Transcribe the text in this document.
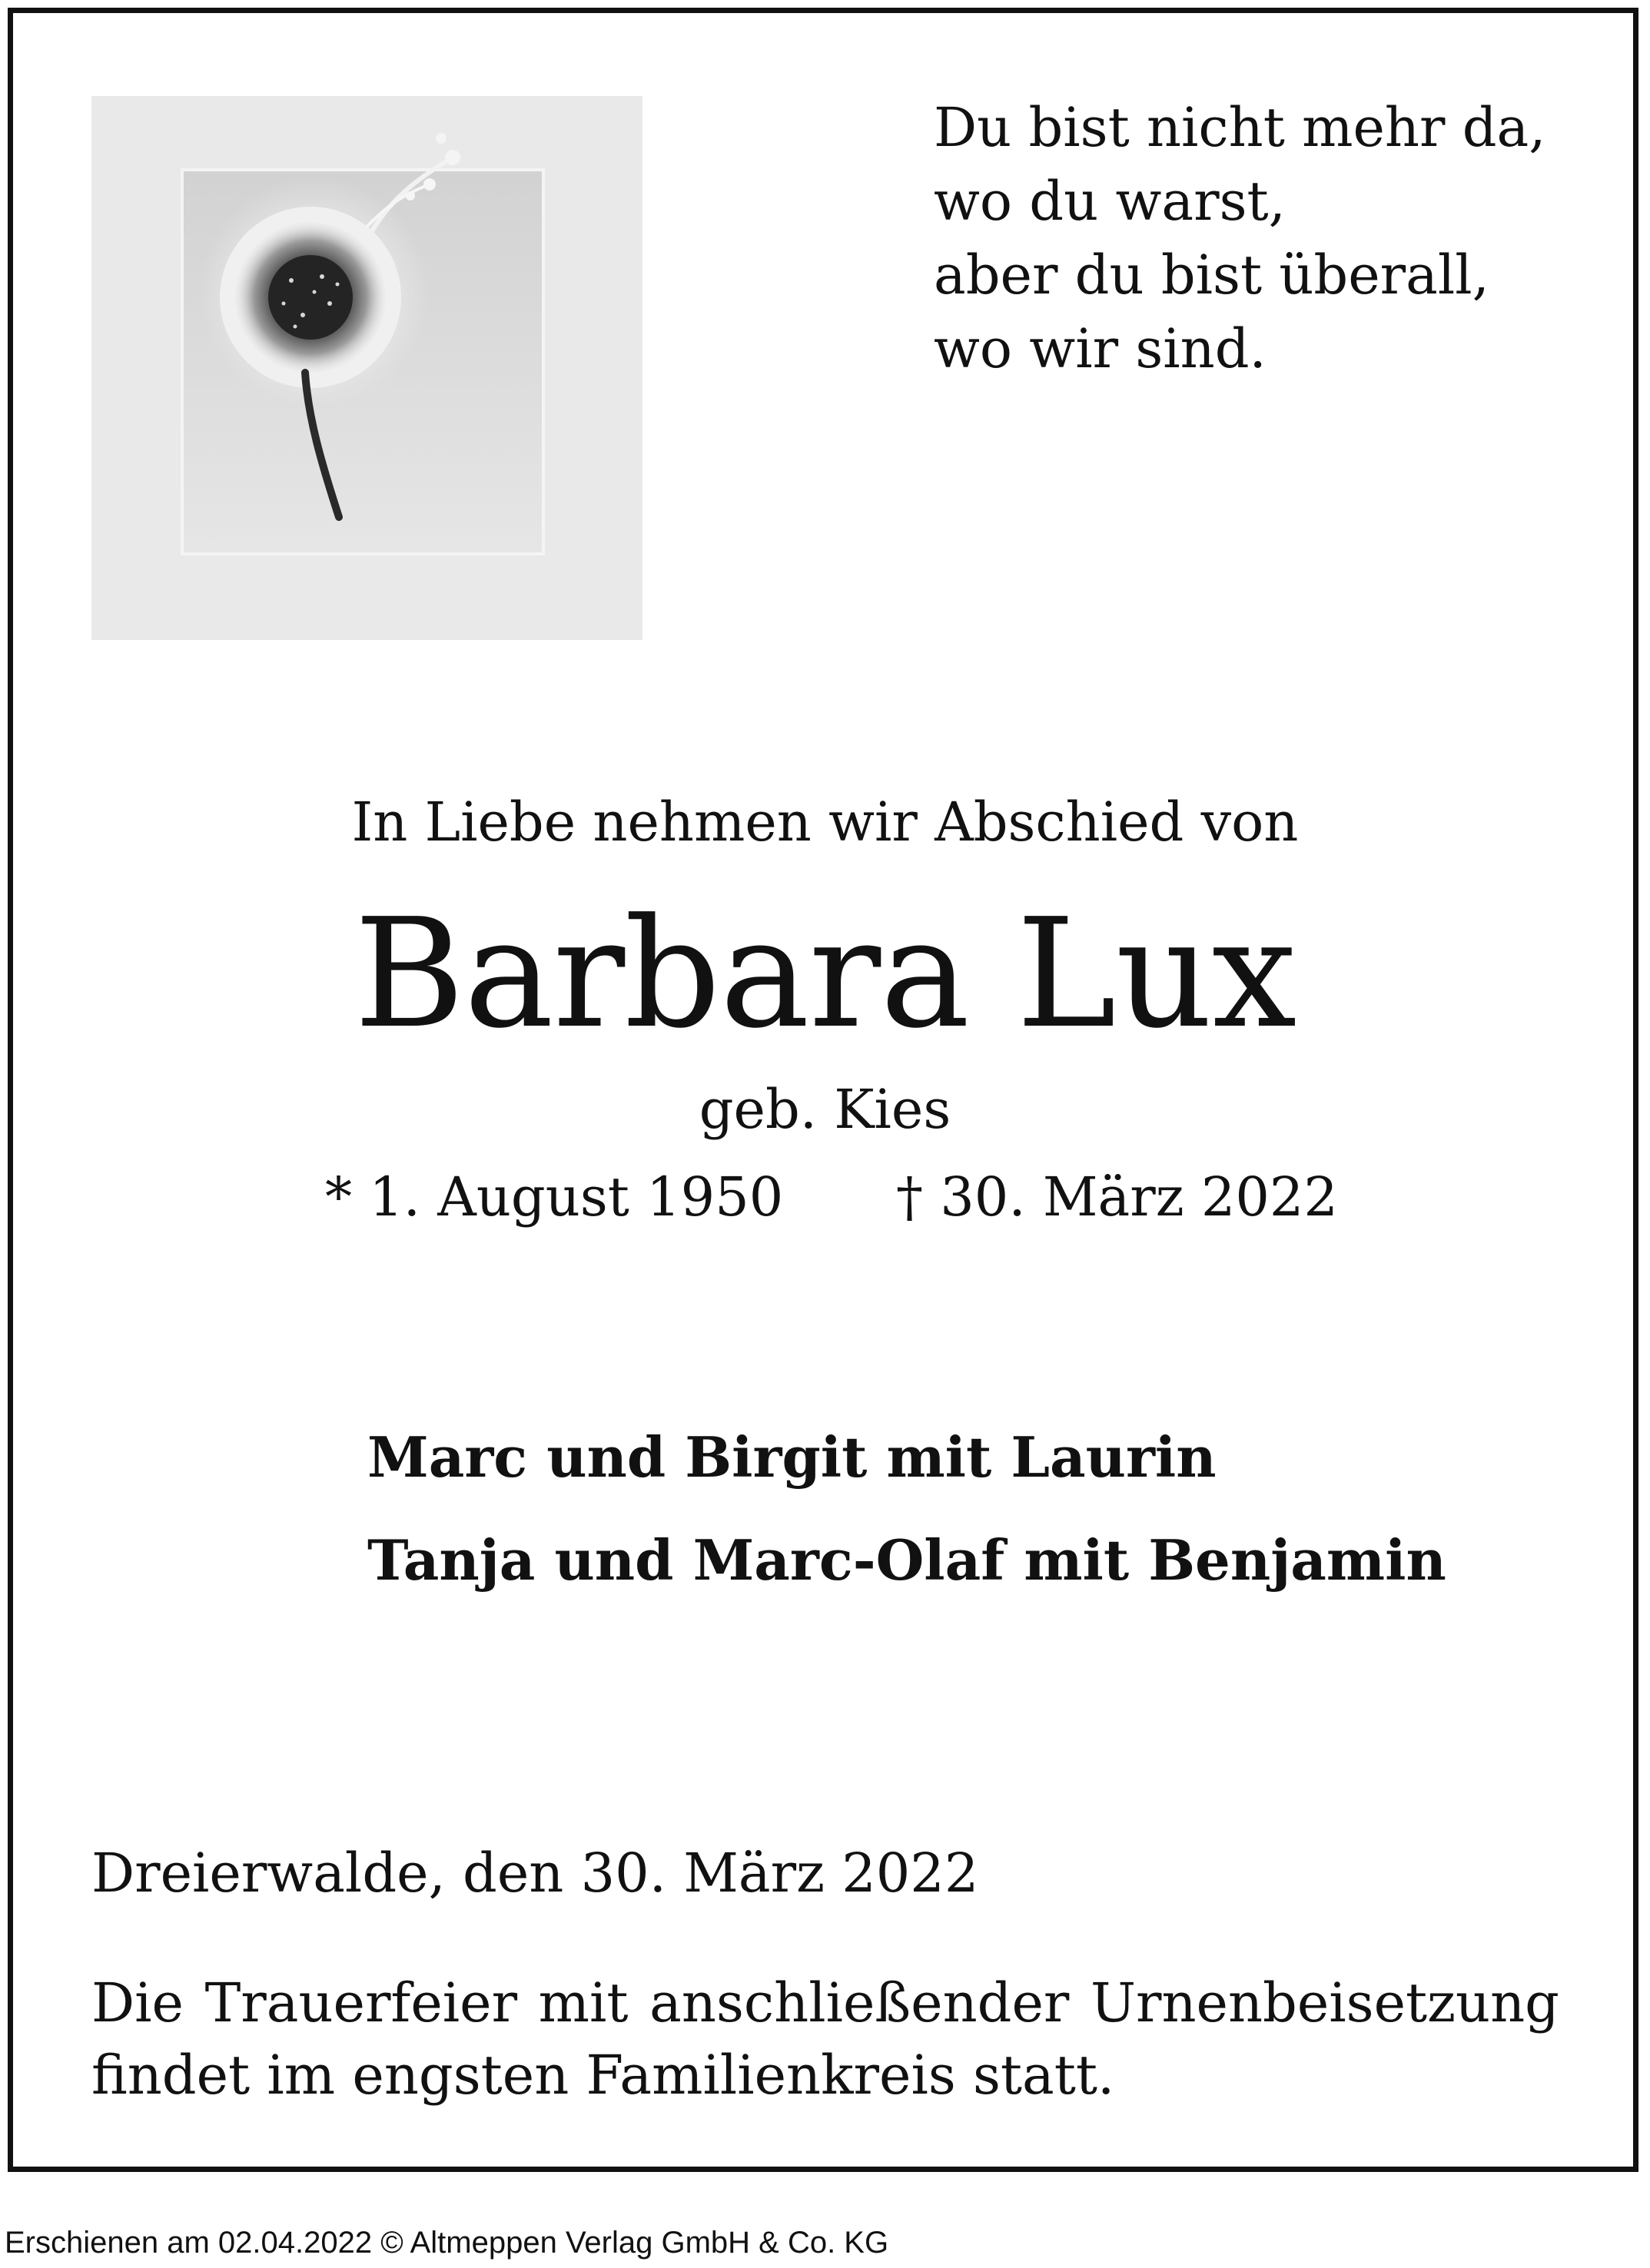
Du bist nicht mehr da,
wo du warst,
aber du bist überall,
wo wir sind.
In Liebe nehmen wir Abschied von
Barbara Lux
geb. Kies
* 1. August 1950 † 30. März 2022
Marc und Birgit mit Laurin
Tanja und Marc-Olaf mit Benjamin
Dreierwalde, den 30. März 2022
Die Trauerfeier mit anschließender Urnenbeisetzung
findet im engsten Familienkreis statt.
Erschienen am 02.04.2022 © Altmeppen Verlag GmbH & Co. KG
